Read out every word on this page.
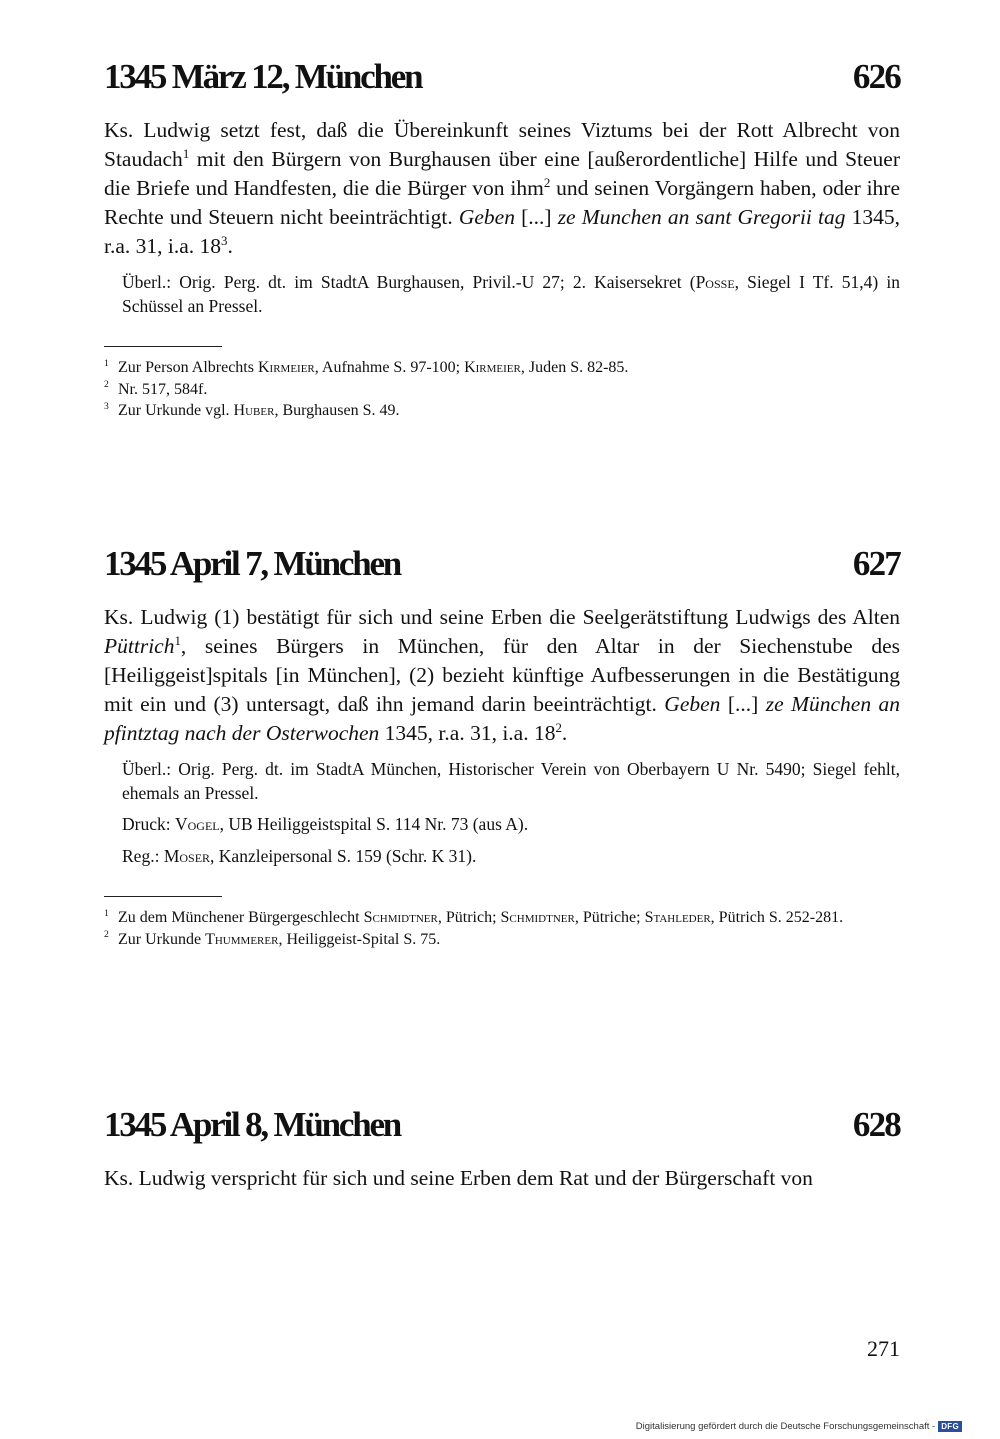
1345 März 12, München	626

Ks. Ludwig setzt fest, daß die Übereinkunft seines Viztums bei der Rott Albrecht von Staudach$^1$ mit den Bürgern von Burghausen über eine [außerordentliche] Hilfe und Steuer die Briefe und Handfesten, die die Bürger von ihm$^2$ und seinen Vorgängern haben, oder ihre Rechte und Steuern nicht beeinträchtigt. Geben [...] ze Munchen an sant Gregorii tag 1345, r.a. 31, i.a. $18^3$.

Überl.: Orig. Perg. dt. im StadtA Burghausen, Privil.-U 27; 2. Kaisersekret (Posse, Siegel I Tf. 51,4) in Schüssel an Pressel.

$^1$ Zur Person Albrechts Kirmeier, Aufnahme S. 97-100; Kirmeier, Juden S. 82-85.
$^2$ Nr. 517, 584f.
$^3$ Zur Urkunde vgl. Huber, Burghausen S. 49.
1345 April 7, München	627

Ks. Ludwig (1) bestätigt für sich und seine Erben die Seelgerätstiftung Ludwigs des Alten Püttrich$^1$, seines Bürgers in München, für den Altar in der Siechenstube des [Heiliggeist]spitals [in München], (2) bezieht künftige Aufbesserungen in die Bestätigung mit ein und (3) untersagt, daß ihn jemand darin beeinträchtigt. Geben [...] ze München an pfintztag nach der Osterwochen 1345, r.a. 31, i.a. $18^2$.

Überl.: Orig. Perg. dt. im StadtA München, Historischer Verein von Oberbayern U Nr. 5490; Siegel fehlt, ehemals an Pressel.

Druck: Vogel, UB Heiliggeistspital S. 114 Nr. 73 (aus A).

Reg.: Moser, Kanzleipersonal S. 159 (Schr. K 31).

$^1$ Zu dem Münchener Bürgergeschlecht Schmidtner, Pütrich; Schmidtner, Pütriche; Stahleder, Pütrich S. 252-281.
$^2$ Zur Urkunde Thummerer, Heiliggeist-Spital S. 75.
1345 April 8, München	628

Ks. Ludwig verspricht für sich und seine Erben dem Rat und der Bürgerschaft von

271
Digitalisierung gefördert durch die Deutsche Forschungsgemeinschaft - DFG
